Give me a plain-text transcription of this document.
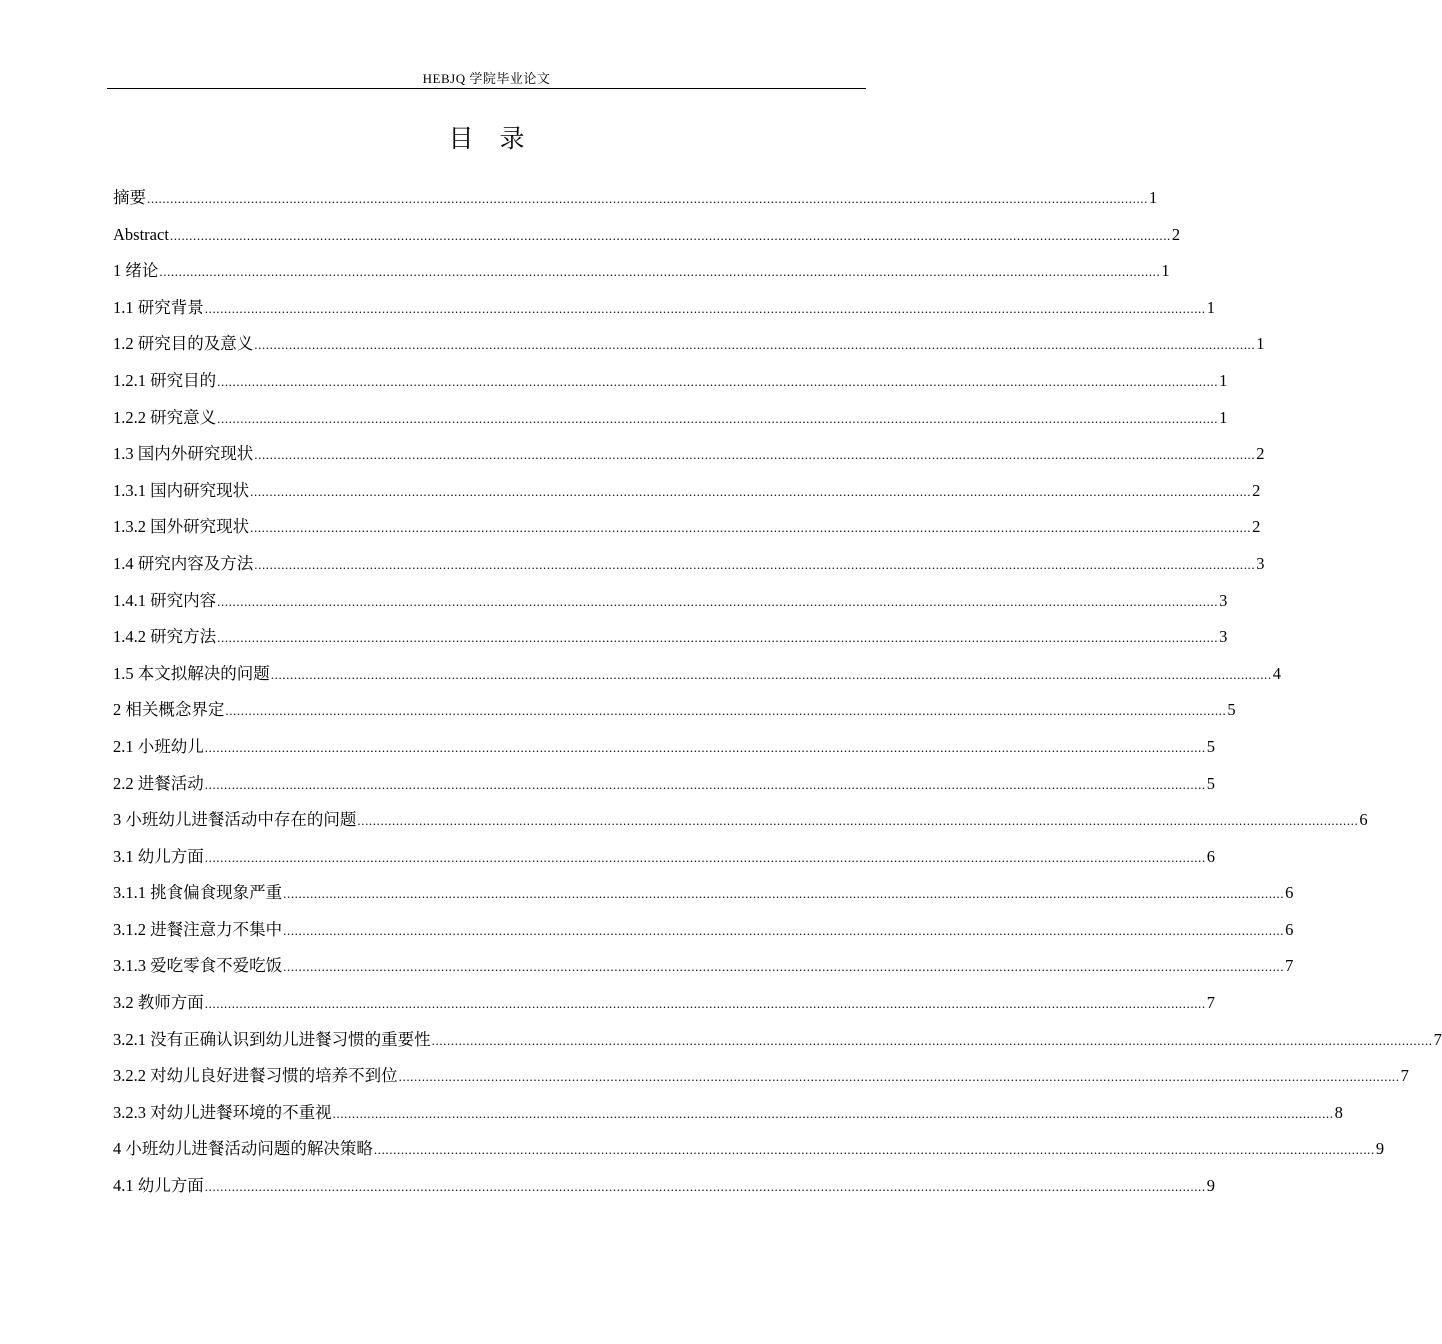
HEBJQ 学院毕业论文
目录
摘要 .................................................................................................................................................................................................................................................................... 1
Abstract .................................................................................................................................................................................................................................................................... 2
1 绪论 .................................................................................................................................................................................................................................................................... 1
1.1 研究背景 .................................................................................................................................................................................................................................................................... 1
1.2 研究目的及意义 .................................................................................................................................................................................................................................................................... 1
1.2.1 研究目的 .................................................................................................................................................................................................................................................................... 1
1.2.2 研究意义 .................................................................................................................................................................................................................................................................... 1
1.3 国内外研究现状 .................................................................................................................................................................................................................................................................... 2
1.3.1 国内研究现状 .................................................................................................................................................................................................................................................................... 2
1.3.2 国外研究现状 .................................................................................................................................................................................................................................................................... 2
1.4 研究内容及方法 .................................................................................................................................................................................................................................................................... 3
1.4.1 研究内容 .................................................................................................................................................................................................................................................................... 3
1.4.2 研究方法 .................................................................................................................................................................................................................................................................... 3
1.5 本文拟解决的问题 .................................................................................................................................................................................................................................................................... 4
2 相关概念界定 .................................................................................................................................................................................................................................................................... 5
2.1 小班幼儿 .................................................................................................................................................................................................................................................................... 5
2.2 进餐活动 .................................................................................................................................................................................................................................................................... 5
3 小班幼儿进餐活动中存在的问题 .................................................................................................................................................................................................................................................................... 6
3.1 幼儿方面 .................................................................................................................................................................................................................................................................... 6
3.1.1 挑食偏食现象严重 .................................................................................................................................................................................................................................................................... 6
3.1.2 进餐注意力不集中 .................................................................................................................................................................................................................................................................... 6
3.1.3 爱吃零食不爱吃饭 .................................................................................................................................................................................................................................................................... 7
3.2 教师方面 .................................................................................................................................................................................................................................................................... 7
3.2.1 没有正确认识到幼儿进餐习惯的重要性 .................................................................................................................................................................................................................................................................... 7
3.2.2 对幼儿良好进餐习惯的培养不到位 .................................................................................................................................................................................................................................................................... 7
3.2.3 对幼儿进餐环境的不重视 .................................................................................................................................................................................................................................................................... 8
4 小班幼儿进餐活动问题的解决策略 .................................................................................................................................................................................................................................................................... 9
4.1 幼儿方面 .................................................................................................................................................................................................................................................................... 9
